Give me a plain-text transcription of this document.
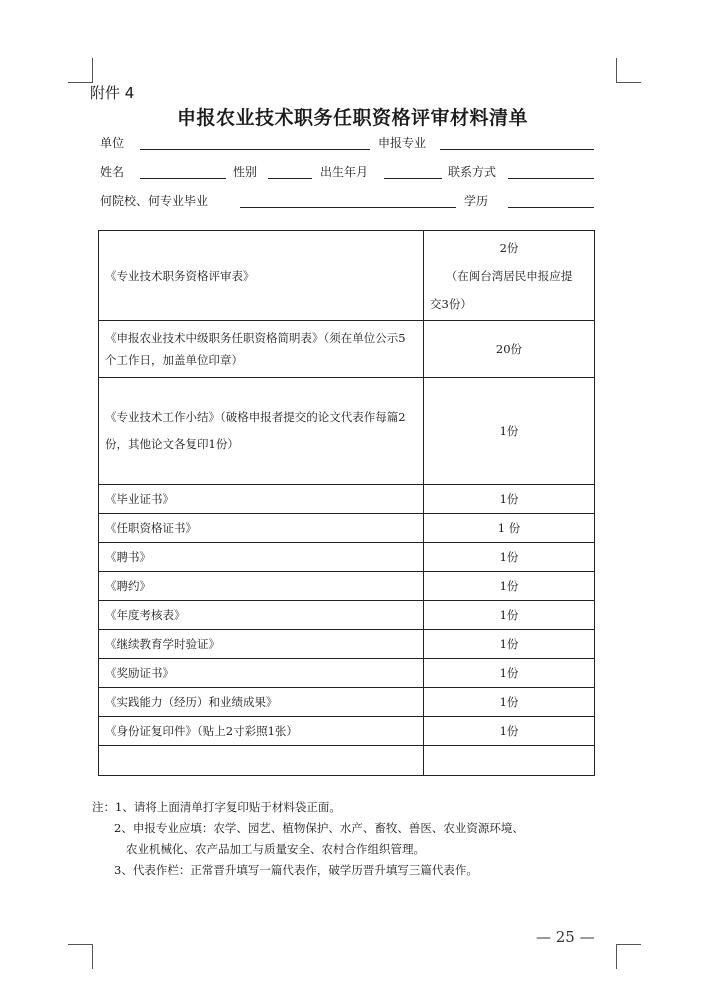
附件 4
申报农业技术职务任职资格评审材料清单
单位	申报专业
姓名	性别	出生年月	联系方式
何院校、何专业毕业	学历
《专业技术职务资格评审表》	2份
（在闽台湾居民申报应提
交3份）

《申报农业技术中级职务任职资格简明表》（须在单位公示5个工作日，加盖单位印章）	20份
《专业技术工作小结》（破格申报者提交的论文代表作每篇2份，其他论文各复印1份）	1份
《毕业证书》	1份
《任职资格证书》	1 份
《聘书》	1份
《聘约》	1份
《年度考核表》	1份
《继续教育学时验证》	1份
《奖励证书》	1份
《实践能力（经历）和业绩成果》	1份
《身份证复印件》（贴上2寸彩照1张）	1份

注：1、请将上面清单打字复印贴于材料袋正面。
2、申报专业应填：农学、园艺、植物保护、水产、畜牧、兽医、农业资源环境、
农业机械化、农产品加工与质量安全、农村合作组织管理。
3、代表作栏：正常晋升填写一篇代表作，破学历晋升填写三篇代表作。
— 25 —
